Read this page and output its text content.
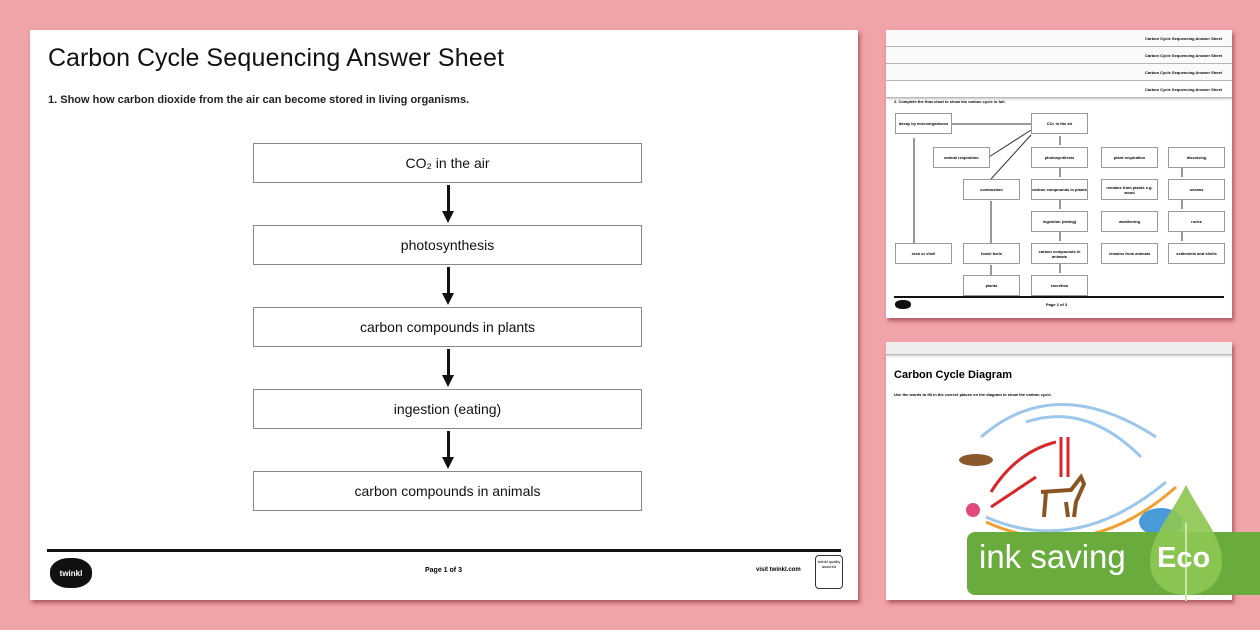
Carbon Cycle Sequencing Answer Sheet
1. Show how carbon dioxide from the air can become stored in living organisms.
CO₂ in the air
photosynthesis
carbon compounds in plants
ingestion (eating)
carbon compounds in animals
twinkl	Page 1 of 3	visit twinkl.com
twinkl quality assured
Carbon Cycle Sequencing Answer Sheet
Carbon Cycle Sequencing Answer Sheet
Carbon Cycle Sequencing Answer Sheet
Carbon Cycle Sequencing Answer Sheet
2. Complete the flow chart to show the carbon cycle in full.
decay by microorganisms	CO₂ in the air
animal respiration	photosynthesis	plant respiration	dissolving
combustion	carbon compounds in plants	remains from plants e.g. wood	oceans
ingestion (eating)	weathering	rocks
rock or shell	fossil fuels	carbon compounds in animals	remains from animals	sediments and shells
plants	excretion
Page 2 of 3
Carbon Cycle Diagram
Use the words to fill in the correct places on the diagram to show the carbon cycle.
ink saving	Eco
